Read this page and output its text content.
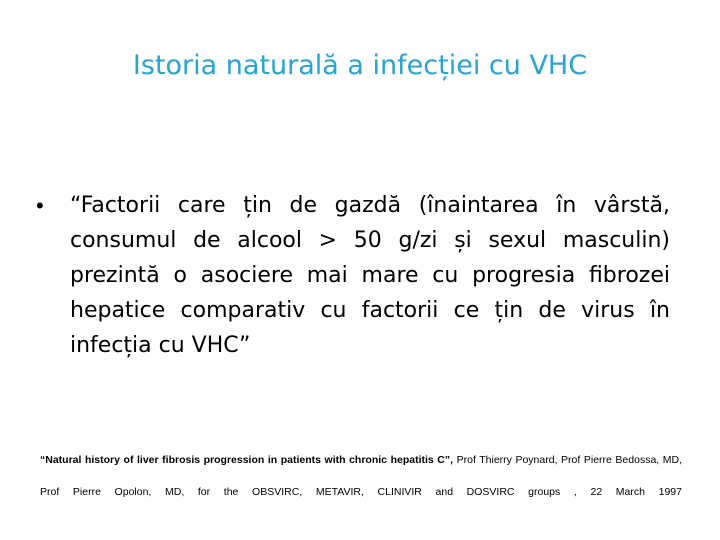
Istoria naturală a infecției cu VHC
• “Factorii care țin de gazdă (înaintarea în vârstă, consumul de alcool > 50 g/zi și sexul masculin) prezintă o asociere mai mare cu progresia fibrozei hepatice comparativ cu factorii ce țin de virus în infecția cu VHC”
“Natural history of liver fibrosis progression in patients with chronic hepatitis C”, Prof Thierry Poynard, Prof Pierre Bedossa, MD, Prof Pierre Opolon, MD, for the OBSVIRC, METAVIR, CLINIVIR and DOSVIRC groups , 22 March 1997
